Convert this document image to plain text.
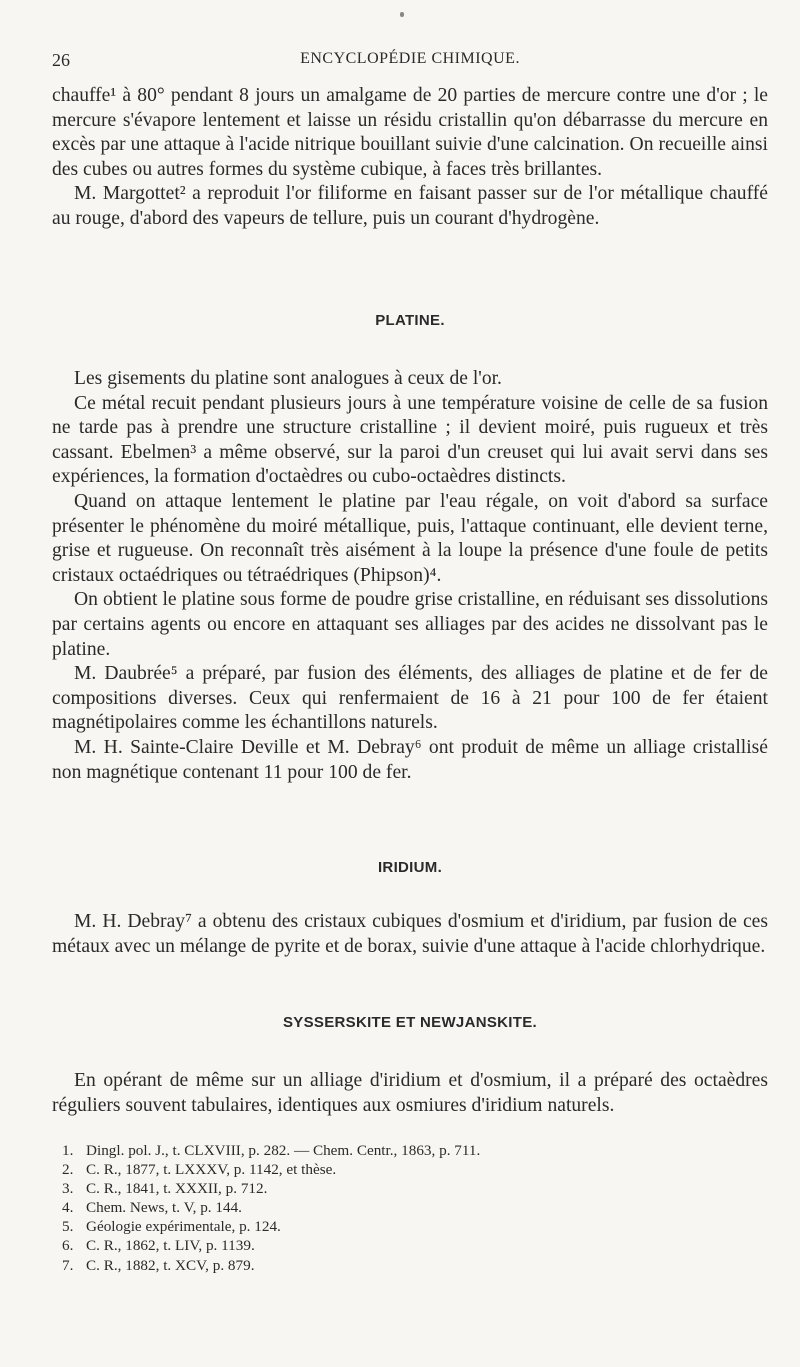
26	ENCYCLOPÉDIE CHIMIQUE.

chauffe¹ à 80° pendant 8 jours un amalgame de 20 parties de mercure contre une d'or ; le mercure s'évapore lentement et laisse un résidu cristallin qu'on débarrasse du mercure en excès par une attaque à l'acide nitrique bouillant suivie d'une calcination. On recueille ainsi des cubes ou autres formes du système cubique, à faces très brillantes.

M. Margottet² a reproduit l'or filiforme en faisant passer sur de l'or métallique chauffé au rouge, d'abord des vapeurs de tellure, puis un courant d'hydrogène.

PLATINE.

Les gisements du platine sont analogues à ceux de l'or.

Ce métal recuit pendant plusieurs jours à une température voisine de celle de sa fusion ne tarde pas à prendre une structure cristalline ; il devient moiré, puis rugueux et très cassant. Ebelmen³ a même observé, sur la paroi d'un creuset qui lui avait servi dans ses expériences, la formation d'octaèdres ou cubo-octaèdres distincts.

Quand on attaque lentement le platine par l'eau régale, on voit d'abord sa surface présenter le phénomène du moiré métallique, puis, l'attaque continuant, elle devient terne, grise et rugueuse. On reconnaît très aisément à la loupe la présence d'une foule de petits cristaux octaédriques ou tétraédriques (Phipson)⁴.

On obtient le platine sous forme de poudre grise cristalline, en réduisant ses dissolutions par certains agents ou encore en attaquant ses alliages par des acides ne dissolvant pas le platine.

M. Daubrée⁵ a préparé, par fusion des éléments, des alliages de platine et de fer de compositions diverses. Ceux qui renfermaient de 16 à 21 pour 100 de fer étaient magnétipolaires comme les échantillons naturels.

M. H. Sainte-Claire Deville et M. Debray⁶ ont produit de même un alliage cristallisé non magnétique contenant 11 pour 100 de fer.

IRIDIUM.

M. H. Debray⁷ a obtenu des cristaux cubiques d'osmium et d'iridium, par fusion de ces métaux avec un mélange de pyrite et de borax, suivie d'une attaque à l'acide chlorhydrique.

SYSSERSKITE ET NEWJANSKITE.

En opérant de même sur un alliage d'iridium et d'osmium, il a préparé des octaèdres réguliers souvent tabulaires, identiques aux osmiures d'iridium naturels.

1. Dingl. pol. J., t. CLXVIII, p. 282. — Chem. Centr., 1863, p. 711.
2. C. R., 1877, t. LXXXV, p. 1142, et thèse.
3. C. R., 1841, t. XXXII, p. 712.
4. Chem. News, t. V, p. 144.
5. Géologie expérimentale, p. 124.
6. C. R., 1862, t. LIV, p. 1139.
7. C. R., 1882, t. XCV, p. 879.
